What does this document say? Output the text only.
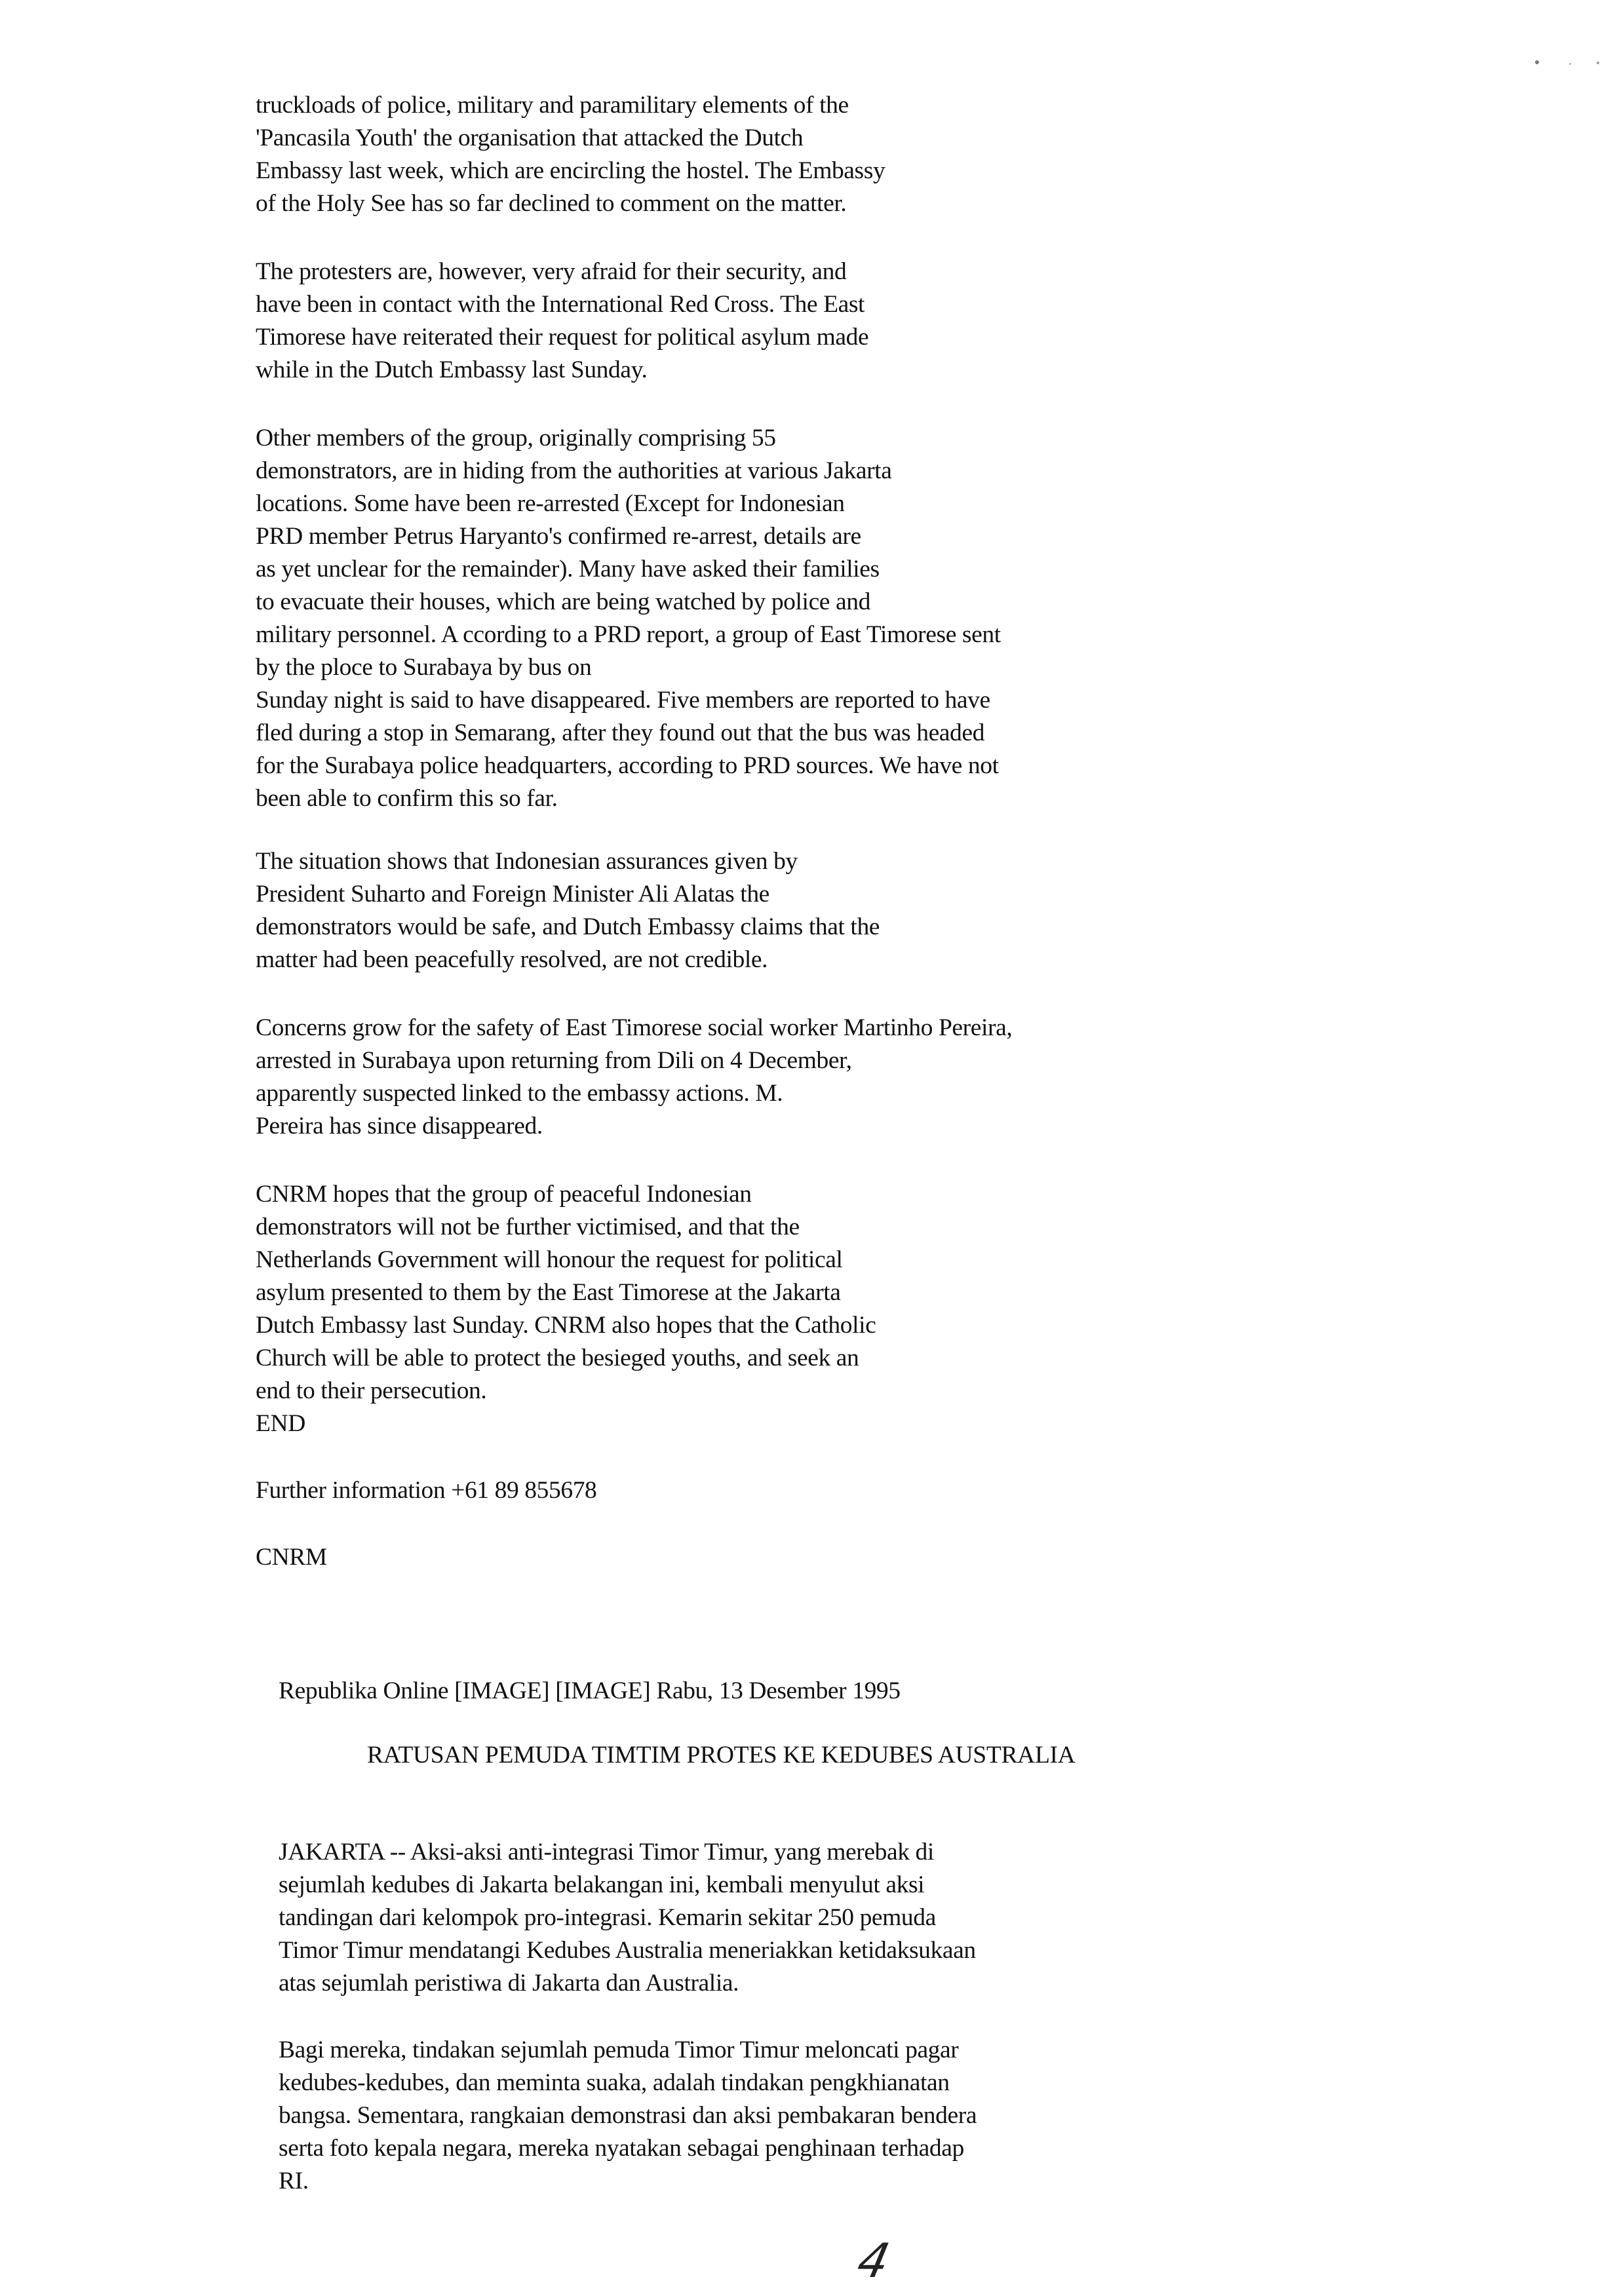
truckloads of police, military and paramilitary elements of the
'Pancasila Youth' the organisation that attacked the Dutch
Embassy last week, which are encircling the hostel. The Embassy
of the Holy See has so far declined to comment on the matter.
The protesters are, however, very afraid for their security, and
have been in contact with the International Red Cross. The East
Timorese have reiterated their request for political asylum made
while in the Dutch Embassy last Sunday.
Other members of the group, originally comprising 55
demonstrators, are in hiding from the authorities at various Jakarta
locations. Some have been re-arrested (Except for Indonesian
PRD member Petrus Haryanto's confirmed re-arrest, details are
as yet unclear for the remainder). Many have asked their families
to evacuate their houses, which are being watched by police and
military personnel. A ccording to a PRD report, a group of East Timorese sent
by the ploce to Surabaya by bus on
Sunday night is said to have disappeared. Five members are reported to have
fled during a stop in Semarang, after they found out that the bus was headed
for the Surabaya police headquarters, according to PRD sources. We have not
been able to confirm this so far.
The situation shows that Indonesian assurances given by
President Suharto and Foreign Minister Ali Alatas the
demonstrators would be safe, and Dutch Embassy claims that the
matter had been peacefully resolved, are not credible.
Concerns grow for the safety of East Timorese social worker Martinho Pereira,
arrested in Surabaya upon returning from Dili on 4 December,
apparently suspected linked to the embassy actions. M.
Pereira has since disappeared.
CNRM hopes that the group of peaceful Indonesian
demonstrators will not be further victimised, and that the
Netherlands Government will honour the request for political
asylum presented to them by the East Timorese at the Jakarta
Dutch Embassy last Sunday. CNRM also hopes that the Catholic
Church will be able to protect the besieged youths, and seek an
end to their persecution.
END
Further information +61 89 855678
CNRM
Republika Online [IMAGE] [IMAGE] Rabu, 13 Desember 1995
RATUSAN PEMUDA TIMTIM PROTES KE KEDUBES AUSTRALIA
JAKARTA -- Aksi-aksi anti-integrasi Timor Timur, yang merebak di
sejumlah kedubes di Jakarta belakangan ini, kembali menyulut aksi
tandingan dari kelompok pro-integrasi. Kemarin sekitar 250 pemuda
Timor Timur mendatangi Kedubes Australia meneriakkan ketidaksukaan
atas sejumlah peristiwa di Jakarta dan Australia.
Bagi mereka, tindakan sejumlah pemuda Timor Timur meloncati pagar
kedubes-kedubes, dan meminta suaka, adalah tindakan pengkhianatan
bangsa. Sementara, rangkaian demonstrasi dan aksi pembakaran bendera
serta foto kepala negara, mereka nyatakan sebagai penghinaan terhadap
RI.
4
